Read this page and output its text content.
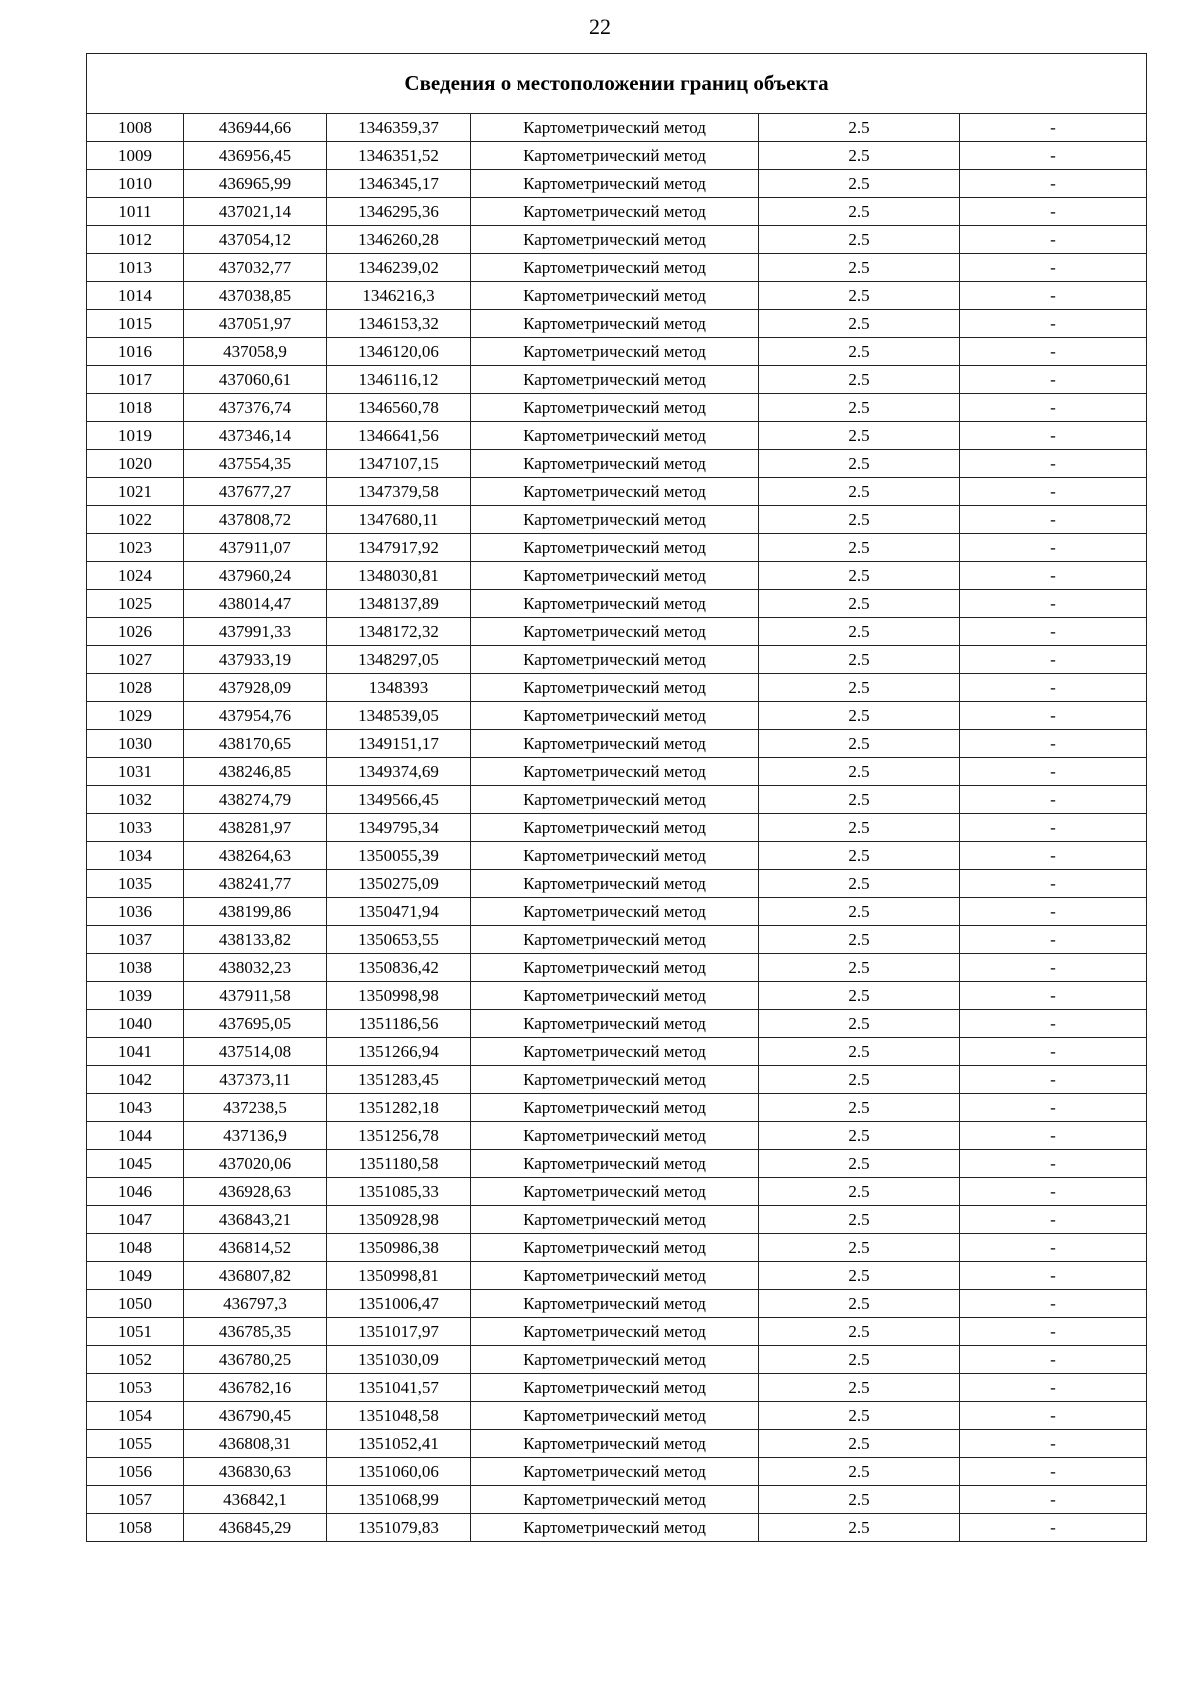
22
Сведения о местоположении границ объекта					
1008	436944,66	1346359,37	Картометрический метод	2.5	-
1009	436956,45	1346351,52	Картометрический метод	2.5	-
1010	436965,99	1346345,17	Картометрический метод	2.5	-
1011	437021,14	1346295,36	Картометрический метод	2.5	-
1012	437054,12	1346260,28	Картометрический метод	2.5	-
1013	437032,77	1346239,02	Картометрический метод	2.5	-
1014	437038,85	1346216,3	Картометрический метод	2.5	-
1015	437051,97	1346153,32	Картометрический метод	2.5	-
1016	437058,9	1346120,06	Картометрический метод	2.5	-
1017	437060,61	1346116,12	Картометрический метод	2.5	-
1018	437376,74	1346560,78	Картометрический метод	2.5	-
1019	437346,14	1346641,56	Картометрический метод	2.5	-
1020	437554,35	1347107,15	Картометрический метод	2.5	-
1021	437677,27	1347379,58	Картометрический метод	2.5	-
1022	437808,72	1347680,11	Картометрический метод	2.5	-
1023	437911,07	1347917,92	Картометрический метод	2.5	-
1024	437960,24	1348030,81	Картометрический метод	2.5	-
1025	438014,47	1348137,89	Картометрический метод	2.5	-
1026	437991,33	1348172,32	Картометрический метод	2.5	-
1027	437933,19	1348297,05	Картометрический метод	2.5	-
1028	437928,09	1348393	Картометрический метод	2.5	-
1029	437954,76	1348539,05	Картометрический метод	2.5	-
1030	438170,65	1349151,17	Картометрический метод	2.5	-
1031	438246,85	1349374,69	Картометрический метод	2.5	-
1032	438274,79	1349566,45	Картометрический метод	2.5	-
1033	438281,97	1349795,34	Картометрический метод	2.5	-
1034	438264,63	1350055,39	Картометрический метод	2.5	-
1035	438241,77	1350275,09	Картометрический метод	2.5	-
1036	438199,86	1350471,94	Картометрический метод	2.5	-
1037	438133,82	1350653,55	Картометрический метод	2.5	-
1038	438032,23	1350836,42	Картометрический метод	2.5	-
1039	437911,58	1350998,98	Картометрический метод	2.5	-
1040	437695,05	1351186,56	Картометрический метод	2.5	-
1041	437514,08	1351266,94	Картометрический метод	2.5	-
1042	437373,11	1351283,45	Картометрический метод	2.5	-
1043	437238,5	1351282,18	Картометрический метод	2.5	-
1044	437136,9	1351256,78	Картометрический метод	2.5	-
1045	437020,06	1351180,58	Картометрический метод	2.5	-
1046	436928,63	1351085,33	Картометрический метод	2.5	-
1047	436843,21	1350928,98	Картометрический метод	2.5	-
1048	436814,52	1350986,38	Картометрический метод	2.5	-
1049	436807,82	1350998,81	Картометрический метод	2.5	-
1050	436797,3	1351006,47	Картометрический метод	2.5	-
1051	436785,35	1351017,97	Картометрический метод	2.5	-
1052	436780,25	1351030,09	Картометрический метод	2.5	-
1053	436782,16	1351041,57	Картометрический метод	2.5	-
1054	436790,45	1351048,58	Картометрический метод	2.5	-
1055	436808,31	1351052,41	Картометрический метод	2.5	-
1056	436830,63	1351060,06	Картометрический метод	2.5	-
1057	436842,1	1351068,99	Картометрический метод	2.5	-
1058	436845,29	1351079,83	Картометрический метод	2.5	-
